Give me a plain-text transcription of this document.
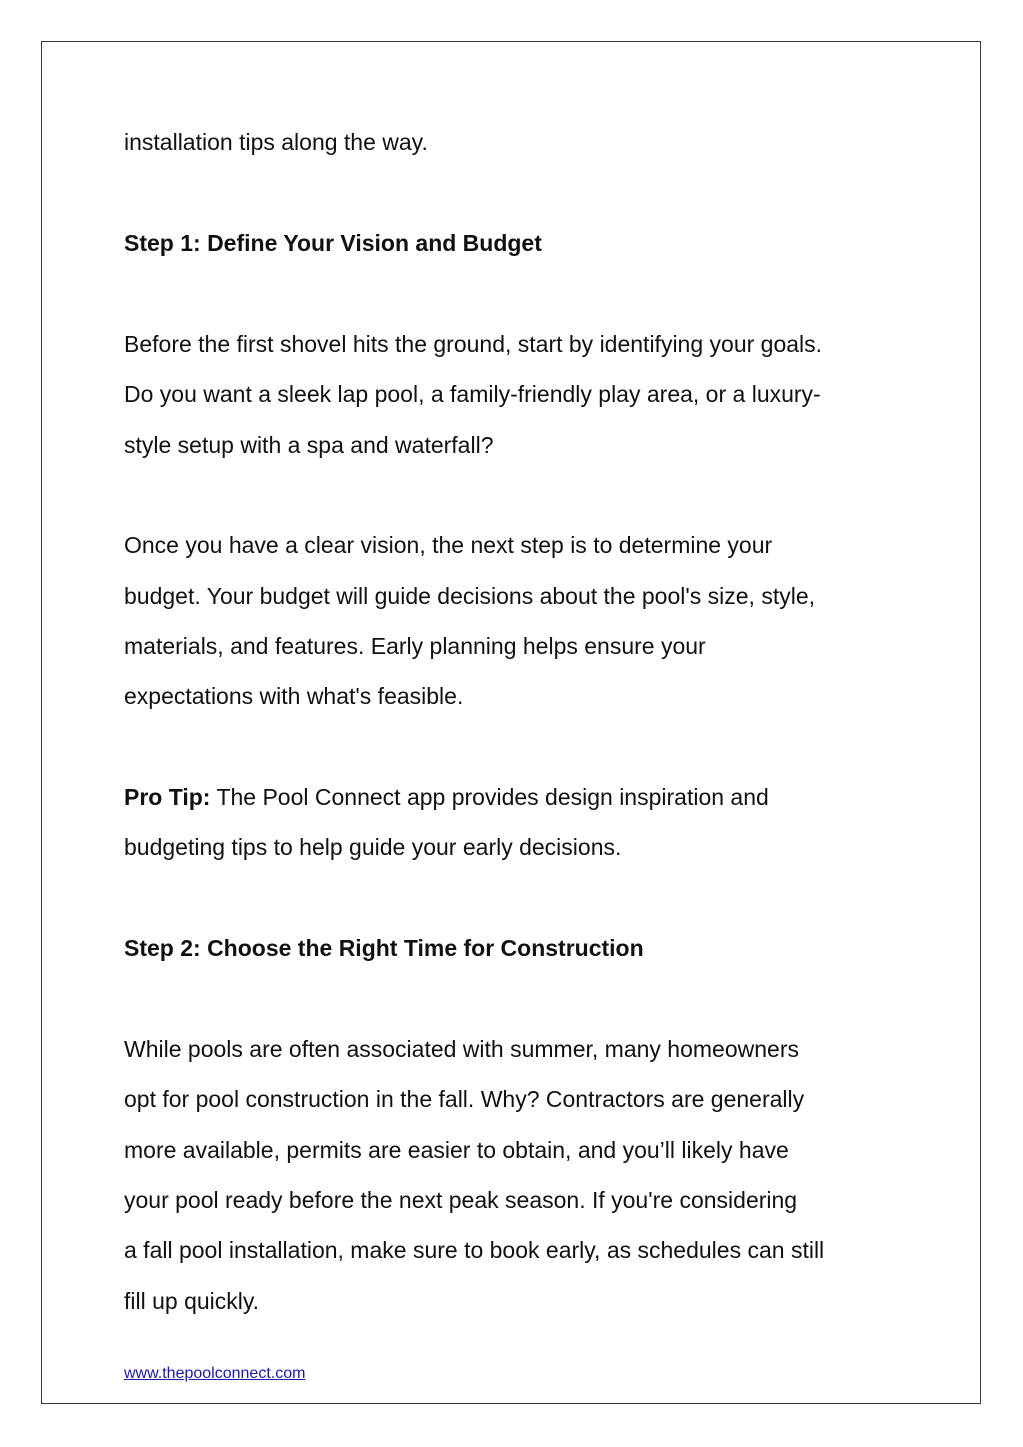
installation tips along the way.
Step 1: Define Your Vision and Budget
Before the first shovel hits the ground, start by identifying your goals.
Do you want a sleek lap pool, a family-friendly play area, or a luxury-
style setup with a spa and waterfall?
Once you have a clear vision, the next step is to determine your
budget. Your budget will guide decisions about the pool's size, style,
materials, and features. Early planning helps ensure your
expectations with what's feasible.
Pro Tip: The Pool Connect app provides design inspiration and
budgeting tips to help guide your early decisions.
Step 2: Choose the Right Time for Construction
While pools are often associated with summer, many homeowners
opt for pool construction in the fall. Why? Contractors are generally
more available, permits are easier to obtain, and you’ll likely have
your pool ready before the next peak season. If you're considering
a fall pool installation, make sure to book early, as schedules can still
fill up quickly.
www.thepoolconnect.com
